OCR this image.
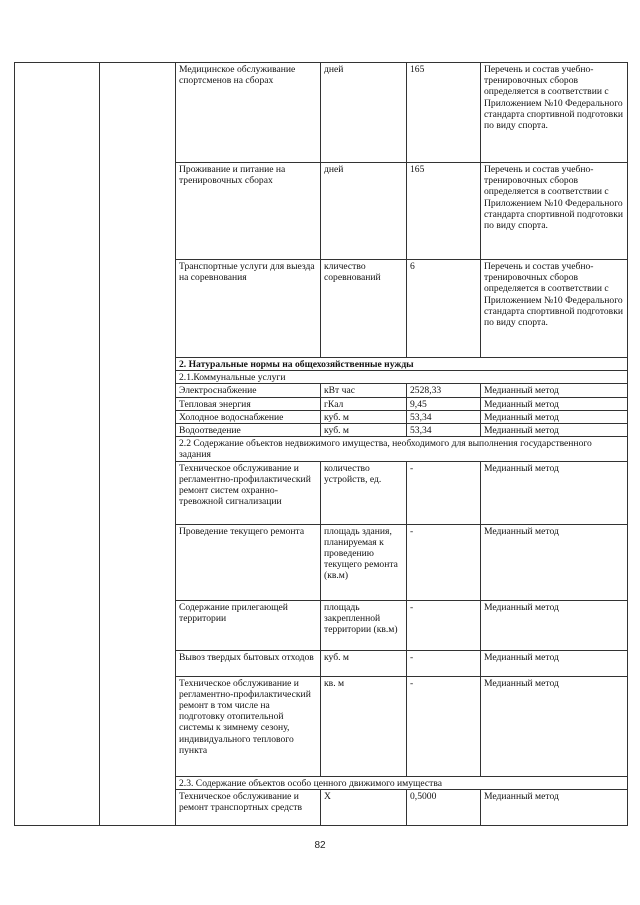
		Медицинское обслуживание спортсменов на сборах	дней	165	Перечень и состав учебно-тренировочных сборов определяется в соответствии с Приложением №10 Федерального стандарта спортивной подготовки по виду спорта.
		Проживание и питание на тренировочных сборах	дней	165	Перечень и состав учебно-тренировочных сборов определяется в соответствии с Приложением №10 Федерального стандарта спортивной подготовки по виду спорта.
		Транспортные услуги для выезда на соревнования	кличество соревнований	6	Перечень и состав учебно-тренировочных сборов определяется в соответствии с Приложением №10 Федерального стандарта спортивной подготовки по виду спорта.
		2. Натуральные нормы на общехозяйственные нужды			
		2.1.Коммунальные услуги			
		Электроснабжение	кВт час	2528,33	Медианный метод
		Тепловая энергия	гКал	9,45	Медианный метод
		Холодное водоснабжение	куб. м	53,34	Медианный метод
		Водоотведение	куб. м	53,34	Медианный метод
		2.2 Содержание объектов недвижимого имущества, необходимого для выполнения государственного задания			
		Техническое обслуживание и регламентно-профилактический ремонт систем охранно-тревожной сигнализации	количество устройств, ед.	-	Медианный метод
		Проведение текущего ремонта	площадь здания, планируемая к проведению текущего ремонта (кв.м)	-	Медианный метод
		Содержание прилегающей территории	площадь закрепленной территории (кв.м)	-	Медианный метод
		Вывоз твердых бытовых отходов	куб. м	-	Медианный метод
		Техническое обслуживание и регламентно-профилактический ремонт в том числе на подготовку отопительной системы к зимнему сезону, индивидуального теплового пункта	кв. м	-	Медианный метод
		2.3. Содержание объектов особо ценного движимого имущества			
		Техническое обслуживание и ремонт транспортных средств	Х	0,5000	Медианный метод
82
